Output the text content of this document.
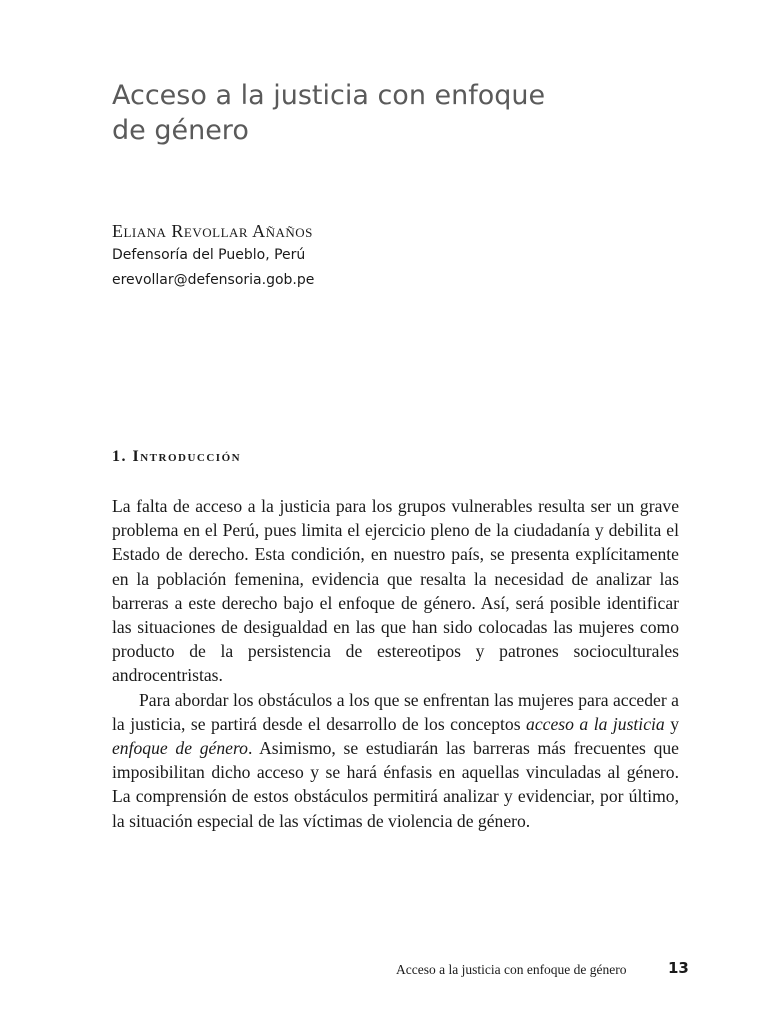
Acceso a la justicia con enfoque
de género
Eliana Revollar Añaños
Defensoría del Pueblo, Perú
erevollar@defensoria.gob.pe
1. Introducción

La falta de acceso a la justicia para los grupos vulnerables resulta ser un grave problema en el Perú, pues limita el ejercicio pleno de la ciudadanía y debilita el Estado de derecho. Esta condición, en nuestro país, se presenta explícitamente en la población femenina, evidencia que resalta la necesidad de analizar las barreras a este derecho bajo el enfoque de género. Así, será posible identificar las situaciones de desigualdad en las que han sido colocadas las mujeres como producto de la persistencia de estereotipos y patrones socioculturales androcentristas.

Para abordar los obstáculos a los que se enfrentan las mujeres para acceder a la justicia, se partirá desde el desarrollo de los conceptos acceso a la justicia y enfoque de género. Asimismo, se estudiarán las barreras más frecuentes que imposibilitan dicho acceso y se hará énfasis en aquellas vinculadas al género. La comprensión de estos obstáculos permitirá analizar y evidenciar, por último, la situación especial de las víctimas de violencia de género.

Acceso a la justicia con enfoque de género	13
